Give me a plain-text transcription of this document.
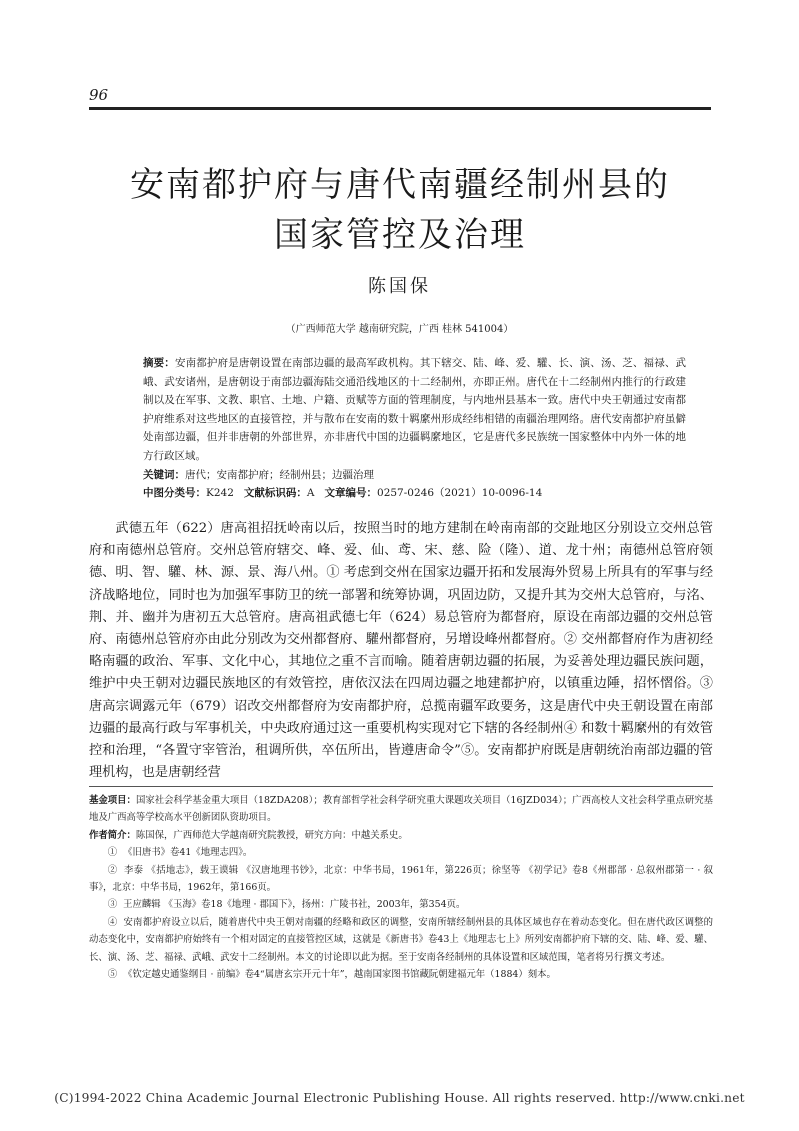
96
安南都护府与唐代南疆经制州县的
国家管控及治理
陈国保
（广西师范大学 越南研究院，广西 桂林 541004）

摘要：安南都护府是唐朝设置在南部边疆的最高军政机构。其下辖交、陆、峰、爱、驩、长、演、汤、芝、福禄、武峨、武安诸州，是唐朝设于南部边疆海陆交通沿线地区的十二经制州，亦即正州。唐代在十二经制州内推行的行政建制以及在军事、文教、职官、土地、户籍、贡赋等方面的管理制度，与内地州县基本一致。唐代中央王朝通过安南都护府维系对这些地区的直接管控，并与散布在安南的数十羁縻州形成经纬相错的南疆治理网络。唐代安南都护府虽僻处南部边疆，但并非唐朝的外部世界，亦非唐代中国的边疆羁縻地区，它是唐代多民族统一国家整体中内外一体的地方行政区域。

关键词：唐代；安南都护府；经制州县；边疆治理

中图分类号：K242 文献标识码：A 文章编号：0257-0246（2021）10-0096-14

武德五年（622）唐高祖招抚岭南以后，按照当时的地方建制在岭南南部的交趾地区分别设立交州总管府和南德州总管府。交州总管府辖交、峰、爱、仙、鸢、宋、慈、险（隆）、道、龙十州；南德州总管府领德、明、智、驩、林、源、景、海八州。① 考虑到交州在国家边疆开拓和发展海外贸易上所具有的军事与经济战略地位，同时也为加强军事防卫的统一部署和统筹协调，巩固边防，又提升其为交州大总管府，与洺、荆、并、幽并为唐初五大总管府。唐高祖武德七年（624）易总管府为都督府，原设在南部边疆的交州总管府、南德州总管府亦由此分别改为交州都督府、驩州都督府，另增设峰州都督府。② 交州都督府作为唐初经略南疆的政治、军事、文化中心，其地位之重不言而喻。随着唐朝边疆的拓展，为妥善处理边疆民族问题，维护中央王朝对边疆民族地区的有效管控，唐依汉法在四周边疆之地建都护府，以镇重边陲，招怀慴俗。③ 唐高宗调露元年（679）诏改交州都督府为安南都护府，总揽南疆军政要务，这是唐代中央王朝设置在南部边疆的最高行政与军事机关，中央政府通过这一重要机构实现对它下辖的各经制州④ 和数十羁縻州的有效管控和治理，“各置守宰管治，租调所供，卒伍所出，皆遵唐命令”⑤。安南都护府既是唐朝统治南部边疆的管理机构，也是唐朝经营

基金项目：国家社会科学基金重大项目（18ZDA208）；教育部哲学社会科学研究重大课题攻关项目（16JZD034）；广西高校人文社会科学重点研究基地及广西高等学校高水平创新团队资助项目。

作者简介：陈国保，广西师范大学越南研究院教授，研究方向：中越关系史。

① 《旧唐书》卷41《地理志四》。

② 李泰 《括地志》，载王谟辑 《汉唐地理书钞》，北京：中华书局，1961年，第226页；徐坚等 《初学记》卷8《州郡部 · 总叙州郡第一 · 叙事》，北京：中华书局，1962年，第166页。

③ 王应麟辑 《玉海》卷18《地理 · 郡国下》，扬州：广陵书社，2003年，第354页。

④ 安南都护府设立以后，随着唐代中央王朝对南疆的经略和政区的调整，安南所辖经制州县的具体区域也存在着动态变化。但在唐代政区调整的动态变化中，安南都护府始终有一个相对固定的直接管控区域，这就是《新唐书》卷43上《地理志七上》所列安南都护府下辖的交、陆、峰、爱、驩、长、演、汤、芝、福禄、武峨、武安十二经制州。本文的讨论即以此为据。至于安南各经制州的具体设置和区域范围，笔者将另行撰文考述。

⑤ 《钦定越史通鉴纲目 · 前编》卷4“属唐玄宗开元十年”，越南国家图书馆藏阮朝建福元年（1884）刻本。

(C)1994-2022 China Academic Journal Electronic Publishing House. All rights reserved. http://www.cnki.net
